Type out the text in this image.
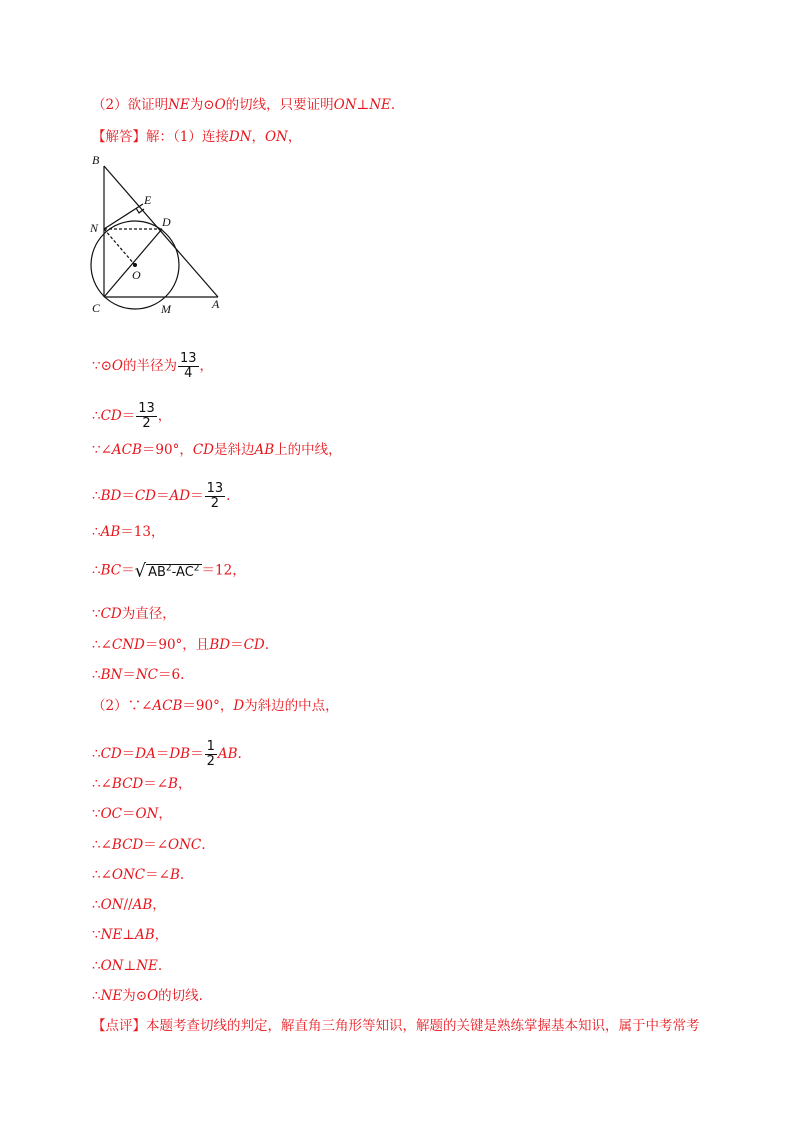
（2）欲证明NE为⊙O的切线，只要证明ON⊥NE.
【解答】解：（1）连接DN，ON，
B
E
N	D
O
C	M	A
∵⊙O的半径为 $\frac{13}{4}$ ，
∴CD＝ $\frac{13}{2}$ ，
∵∠ACB＝90°，CD是斜边AB上的中线，
∴BD＝CD＝AD＝ $\frac{13}{2}$ .
∴AB＝13，
∴BC＝√ $AB^2-AC^2 =12$，
∵CD为直径，
∴∠CND＝90°，且BD＝CD.
∴BN＝NC＝6.
（2）∵∠ACB＝90°，D为斜边的中点，
∴CD＝DA＝DB＝ $\frac{1}{2}$ AB.
∴∠BCD＝∠B，
∵OC＝ON，
∴∠BCD＝∠ONC.
∴∠ONC＝∠B.
∴ON//AB，
∵NE⊥AB，
∴ON⊥NE.
∴NE为⊙O的切线.
【点评】本题考查切线的判定，解直角三角形等知识，解题的关键是熟练掌握基本知识，属于中考常考
